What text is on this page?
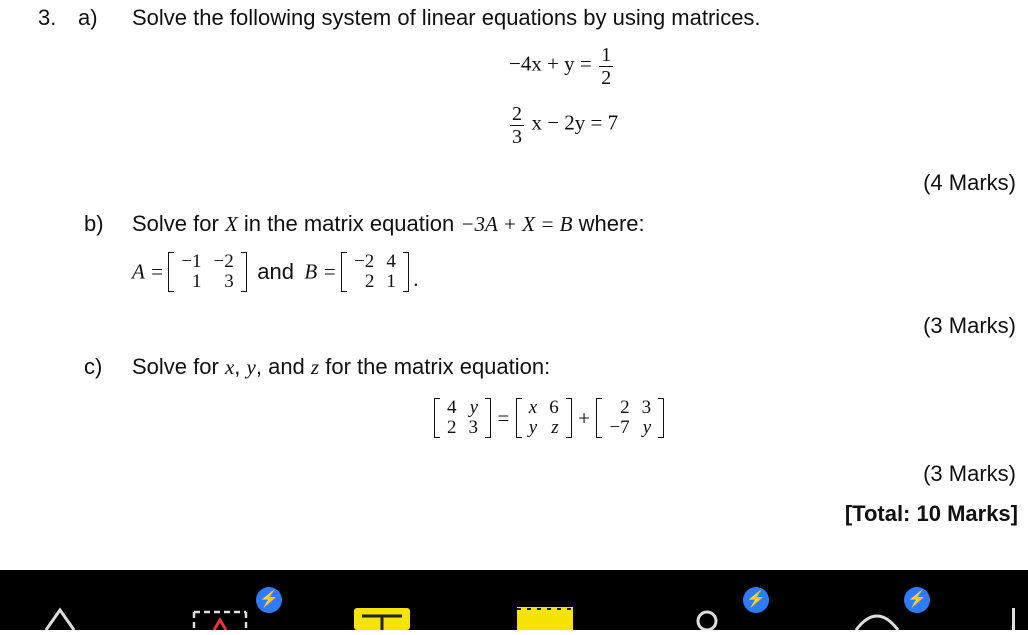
3. a) Solve the following system of linear equations by using matrices.
$-4x + y = \frac{1}{2}$
$\frac{2}{3}$ x − 2y = 7
(4 Marks)
b) Solve for X in the matrix equation −3A + X = B where:
A = −1	−2
1	3 and B = −2	4
2	1 .
(3 Marks)
c) Solve for x, y, and z for the matrix equation:
4	y
2	3 = x	6
y	z + 2	3
−7	y
(3 Marks)
[Total: 10 Marks]
⚡	⚡	⚡
